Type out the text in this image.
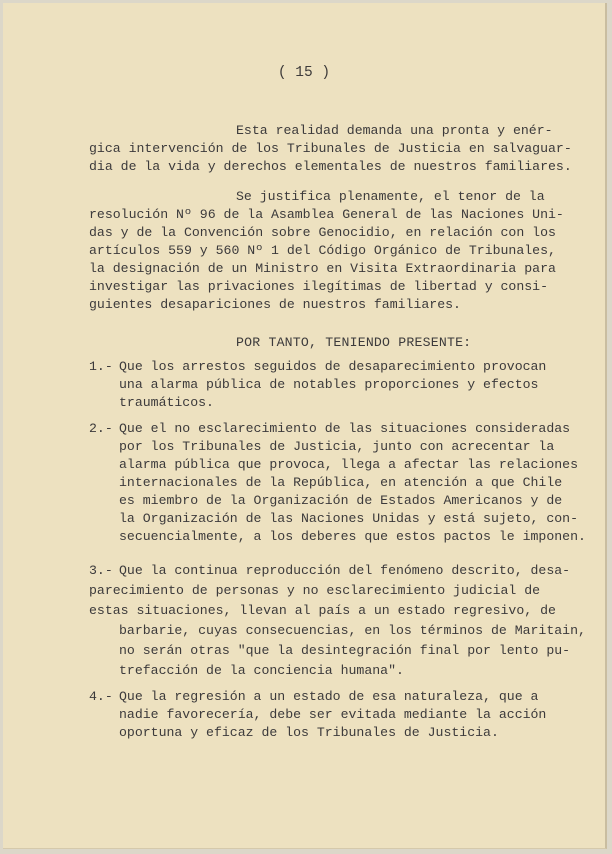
( 15 )

Esta realidad demanda una pronta y enér-

gica intervención de los Tribunales de Justicia en salvaguar-

dia de la vida y derechos elementales de nuestros familiares.

Se justifica plenamente, el tenor de la

resolución Nº 96 de la Asamblea General de las Naciones Uni-

das y de la Convención sobre Genocidio, en relación con los

artículos 559 y 560 Nº 1 del Código Orgánico de Tribunales,

la designación de un Ministro en Visita Extraordinaria para

investigar las privaciones ilegítimas de libertad y consi-

guientes desapariciones de nuestros familiares.

POR TANTO, TENIENDO PRESENTE:

1.- Que los arrestos seguidos de desaparecimiento provocan

una alarma pública de notables proporciones y efectos

traumáticos.

2.- Que el no esclarecimiento de las situaciones consideradas

por los Tribunales de Justicia, junto con acrecentar la

alarma pública que provoca, llega a afectar las relaciones

internacionales de la República, en atención a que Chile

es miembro de la Organización de Estados Americanos y de

la Organización de las Naciones Unidas y está sujeto, con-

secuencialmente, a los deberes que estos pactos le imponen.

3.- Que la continua reproducción del fenómeno descrito, desa-

parecimiento de personas y no esclarecimiento judicial de

estas situaciones, llevan al país a un estado regresivo, de

barbarie, cuyas consecuencias, en los términos de Maritain,

no serán otras "que la desintegración final por lento pu-

trefacción de la conciencia humana".

4.- Que la regresión a un estado de esa naturaleza, que a

nadie favorecería, debe ser evitada mediante la acción

oportuna y eficaz de los Tribunales de Justicia.
